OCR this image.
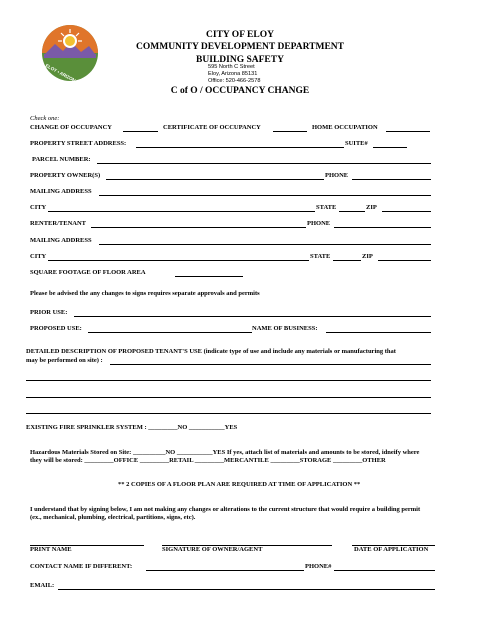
ELOY • ARIZONA
CITY OF ELOY
COMMUNITY DEVELOPMENT DEPARTMENT
BUILDING SAFETY
595 North C Street
Eloy, Arizona 85131
Office: 520-466-2578
C of O / OCCUPANCY CHANGE
Check one:
CHANGE OF OCCUPANCY	CERTIFICATE OF OCCUPANCY	HOME OCCUPATION
PROPERTY STREET ADDRESS:	SUITE#
PARCEL NUMBER:
PROPERTY OWNER(S)	PHONE
MAILING ADDRESS
CITY	STATE	ZIP
RENTER/TENANT	PHONE
MAILING ADDRESS
CITY	STATE	ZIP
SQUARE FOOTAGE OF FLOOR AREA
Please be advised the any changes to signs requires separate approvals and permits
PRIOR USE:
PROPOSED USE:	NAME OF BUSINESS:
DETAILED DESCRIPTION OF PROPOSED TENANT'S USE (indicate type of use and include any materials or manufacturing that
may be performed on site) :
EXISTING FIRE SPRINKLER SYSTEM : _________NO ___________YES
Hazardous Materials Stored on Site: __________NO ___________YES If yes, attach list of materials and amounts to be stored, idneify where
they will be stored: _________OFFICE _________RETAIL _________MERCANTILE _________STORAGE _________OTHER
** 2 COPIES OF A FLOOR PLAN ARE REQUIRED AT TIME OF APPLICATION **
I understand that by signing below, I am not making any changes or alterations to the current structure that would require a building permit
(ex., mechanical, plumbing, electrical, partitions, signs, etc).
PRINT NAME	SIGNATURE OF OWNER/AGENT	DATE OF APPLICATION
CONTACT NAME IF DIFFERENT:	PHONE#
EMAIL:
